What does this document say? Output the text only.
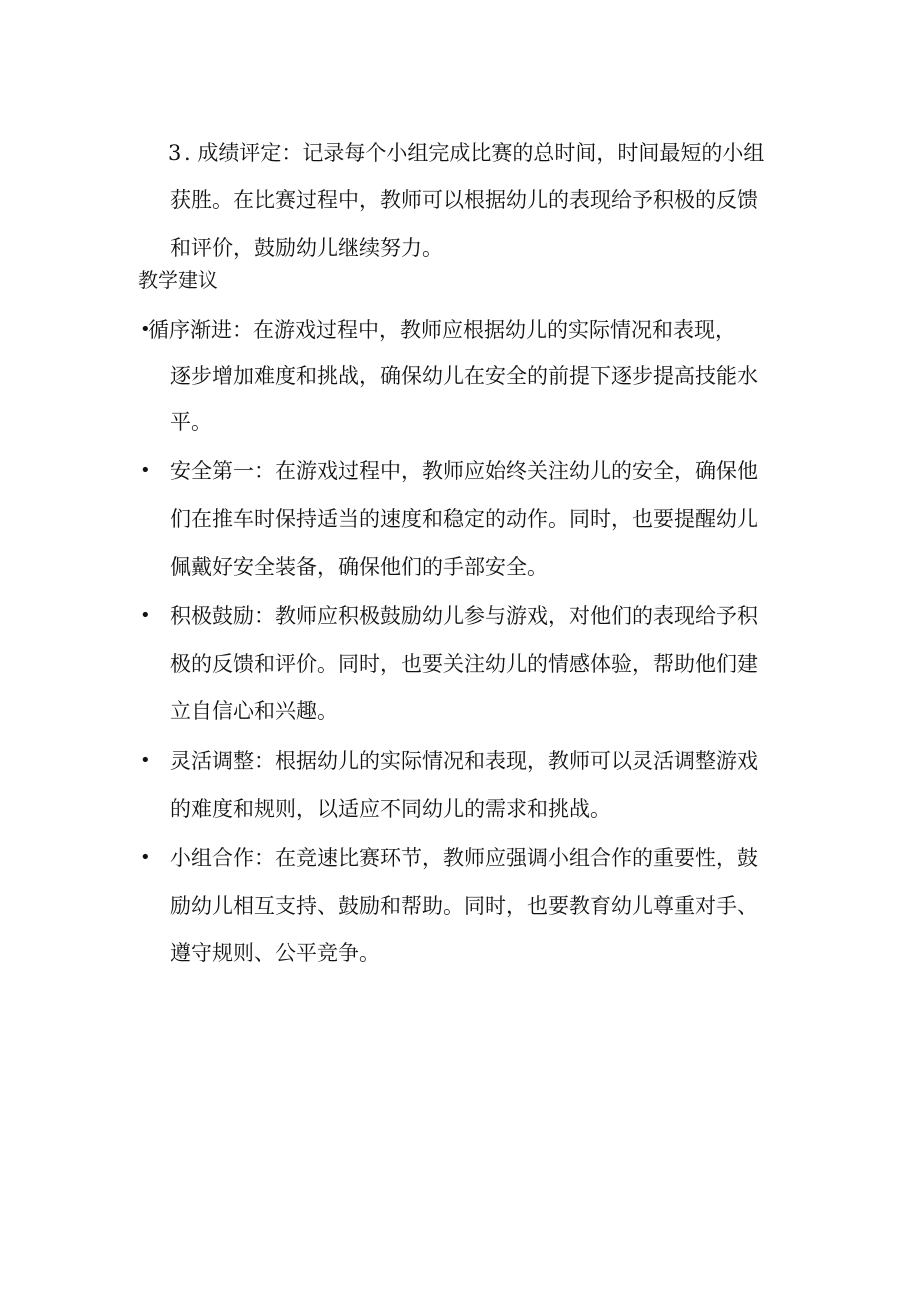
3 . 成绩评定：记录每个小组完成比赛的总时间，时间最短的小组
获胜。在比赛过程中，教师可以根据幼儿的表现给予积极的反馈
和评价，鼓励幼儿继续努力。
教学建议
•
循序渐进：在游戏过程中，教师应根据幼儿的实际情况和表现，
逐步增加难度和挑战，确保幼儿在安全的前提下逐步提高技能水
平。
• 安全第一：在游戏过程中，教师应始终关注幼儿的安全，确保他
们在推车时保持适当的速度和稳定的动作。同时，也要提醒幼儿
佩戴好安全装备，确保他们的手部安全。
• 积极鼓励：教师应积极鼓励幼儿参与游戏，对他们的表现给予积
极的反馈和评价。同时，也要关注幼儿的情感体验，帮助他们建
立自信心和兴趣。
• 灵活调整：根据幼儿的实际情况和表现，教师可以灵活调整游戏
的难度和规则，以适应不同幼儿的需求和挑战。
• 小组合作：在竞速比赛环节，教师应强调小组合作的重要性，鼓
励幼儿相互支持、鼓励和帮助。同时，也要教育幼儿尊重对手、
遵守规则、公平竞争。
